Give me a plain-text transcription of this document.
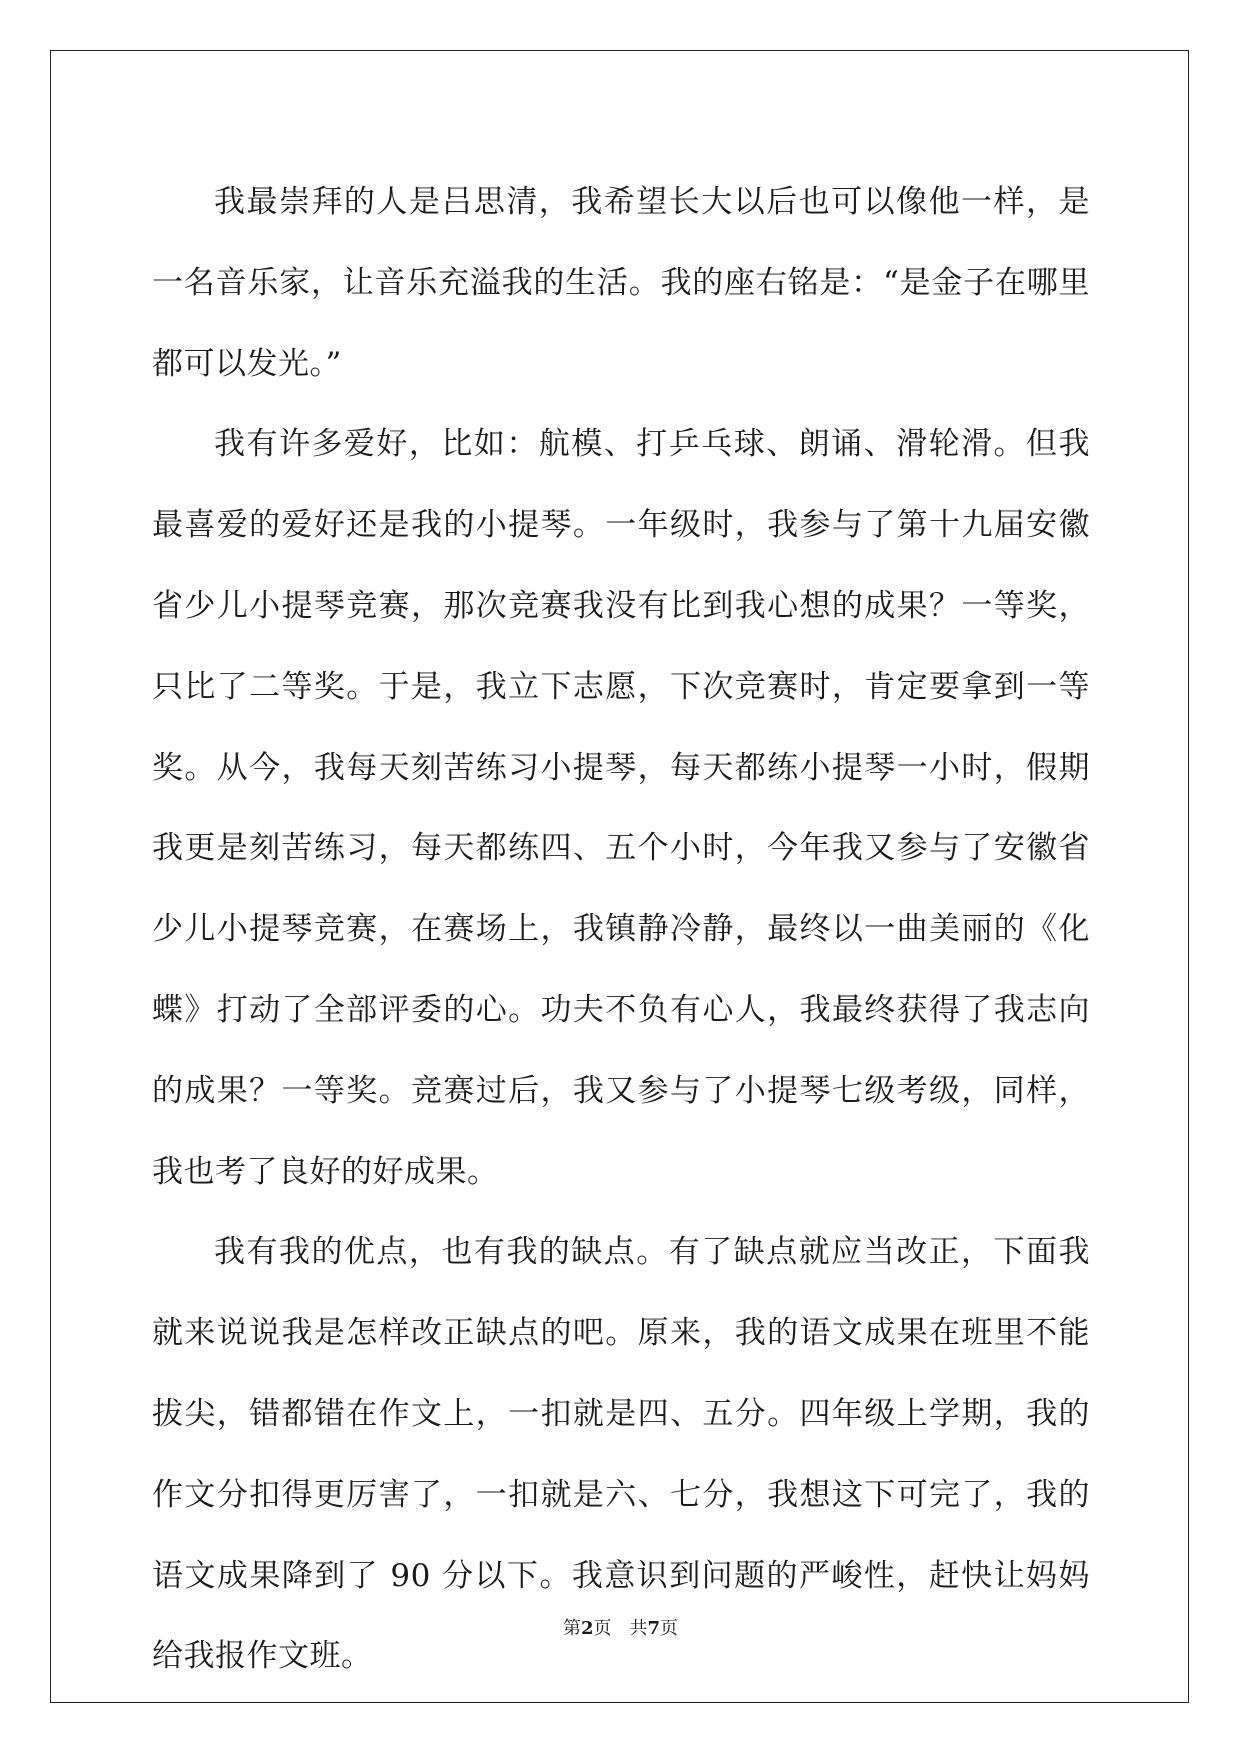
我最崇拜的人是吕思清，我希望长大以后也可以像他一样，是一名音乐家，让音乐充溢我的生活。我的座右铭是：“是金子在哪里都可以发光。”

我有许多爱好，比如：航模、打乒乓球、朗诵、滑轮滑。但我最喜爱的爱好还是我的小提琴。一年级时，我参与了第十九届安徽省少儿小提琴竞赛，那次竞赛我没有比到我心想的成果？一等奖，只比了二等奖。于是，我立下志愿，下次竞赛时，肯定要拿到一等奖。从今，我每天刻苦练习小提琴，每天都练小提琴一小时，假期我更是刻苦练习，每天都练四、五个小时，今年我又参与了安徽省少儿小提琴竞赛，在赛场上，我镇静冷静，最终以一曲美丽的《化蝶》打动了全部评委的心。功夫不负有心人，我最终获得了我志向的成果？一等奖。竞赛过后，我又参与了小提琴七级考级，同样，我也考了良好的好成果。

我有我的优点，也有我的缺点。有了缺点就应当改正，下面我就来说说我是怎样改正缺点的吧。原来，我的语文成果在班里不能拔尖，错都错在作文上，一扣就是四、五分。四年级上学期，我的作文分扣得更厉害了，一扣就是六、七分，我想这下可完了，我的语文成果降到了 90 分以下。我意识到问题的严峻性，赶快让妈妈给我报作文班。

第2页 共7页
